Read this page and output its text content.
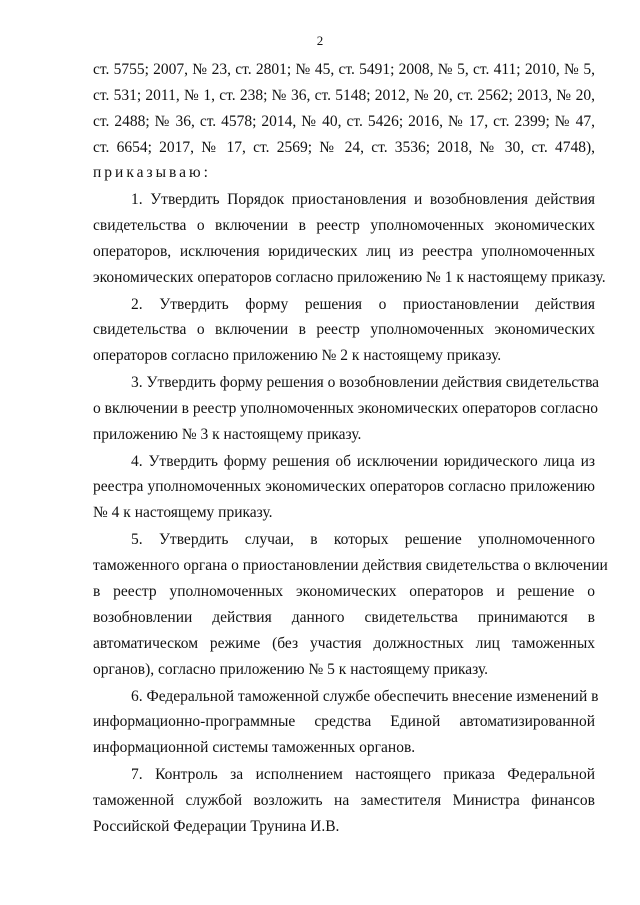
2
ст. 5755; 2007, № 23, ст. 2801; № 45, ст. 5491; 2008, № 5, ст. 411; 2010, № 5,
ст. 531; 2011, № 1, ст. 238; № 36, ст. 5148; 2012, № 20, ст. 2562; 2013, № 20,
ст. 2488; № 36, ст. 4578; 2014, № 40, ст. 5426; 2016, № 17, ст. 2399; № 47,
ст. 6654; 2017, № 17, ст. 2569; № 24, ст. 3536; 2018, № 30, ст. 4748),
приказываю:
1. Утвердить Порядок приостановления и возобновления действия
свидетельства о включении в реестр уполномоченных экономических
операторов, исключения юридических лиц из реестра уполномоченных
экономических операторов согласно приложению № 1 к настоящему приказу.
2. Утвердить форму решения о приостановлении действия
свидетельства о включении в реестр уполномоченных экономических
операторов согласно приложению № 2 к настоящему приказу.
3. Утвердить форму решения о возобновлении действия свидетельства
о включении в реестр уполномоченных экономических операторов согласно
приложению № 3 к настоящему приказу.
4. Утвердить форму решения об исключении юридического лица из
реестра уполномоченных экономических операторов согласно приложению
№ 4 к настоящему приказу.
5. Утвердить случаи, в которых решение уполномоченного
таможенного органа о приостановлении действия свидетельства о включении
в реестр уполномоченных экономических операторов и решение о
возобновлении действия данного свидетельства принимаются в
автоматическом режиме (без участия должностных лиц таможенных
органов), согласно приложению № 5 к настоящему приказу.
6. Федеральной таможенной службе обеспечить внесение изменений в
информационно-программные средства Единой автоматизированной
информационной системы таможенных органов.
7. Контроль за исполнением настоящего приказа Федеральной
таможенной службой возложить на заместителя Министра финансов
Российской Федерации Трунина И.В.
